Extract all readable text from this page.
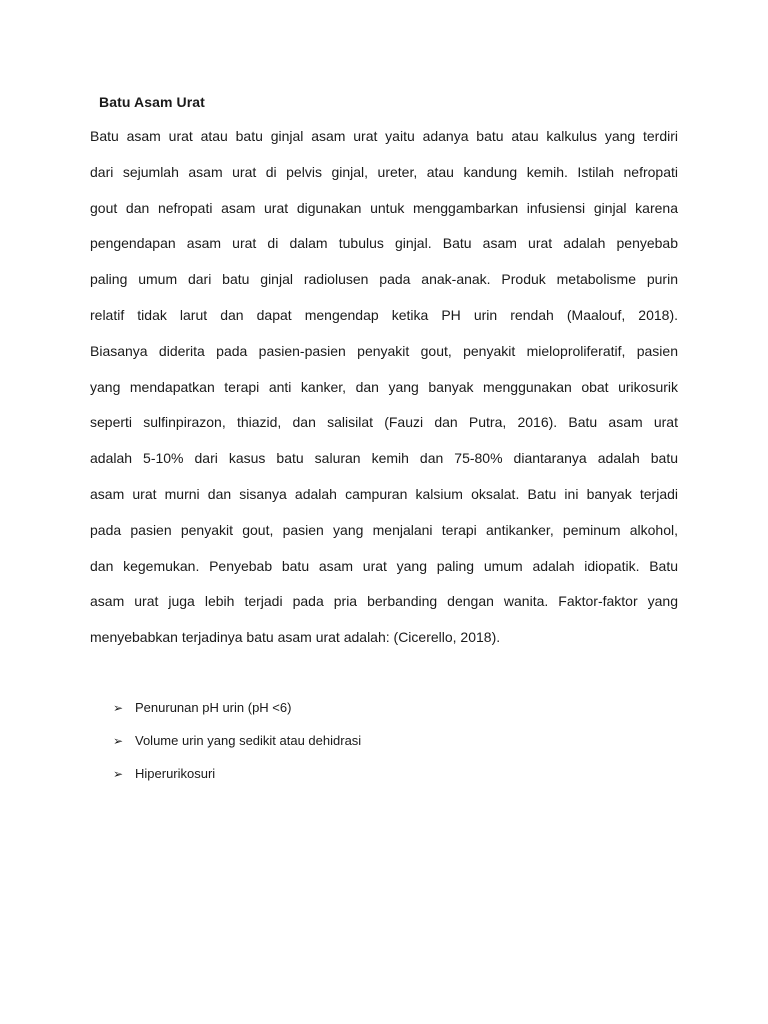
Batu Asam Urat
Batu asam urat atau batu ginjal asam urat yaitu adanya batu atau kalkulus yang terdiri
dari sejumlah asam urat di pelvis ginjal, ureter, atau kandung kemih. Istilah nefropati
gout dan nefropati asam urat digunakan untuk menggambarkan infusiensi ginjal karena
pengendapan asam urat di dalam tubulus ginjal. Batu asam urat adalah penyebab
paling umum dari batu ginjal radiolusen pada anak-anak. Produk metabolisme purin
relatif tidak larut dan dapat mengendap ketika PH urin rendah (Maalouf, 2018).
Biasanya diderita pada pasien-pasien penyakit gout, penyakit mieloproliferatif, pasien
yang mendapatkan terapi anti kanker, dan yang banyak menggunakan obat urikosurik
seperti sulfinpirazon, thiazid, dan salisilat (Fauzi dan Putra, 2016). Batu asam urat
adalah 5-10% dari kasus batu saluran kemih dan 75-80% diantaranya adalah batu
asam urat murni dan sisanya adalah campuran kalsium oksalat. Batu ini banyak terjadi
pada pasien penyakit gout, pasien yang menjalani terapi antikanker, peminum alkohol,
dan kegemukan. Penyebab batu asam urat yang paling umum adalah idiopatik. Batu
asam urat juga lebih terjadi pada pria berbanding dengan wanita. Faktor-faktor yang
menyebabkan terjadinya batu asam urat adalah: (Cicerello, 2018).
➢ Penurunan pH urin (pH <6)
➢ Volume urin yang sedikit atau dehidrasi
➢ Hiperurikosuri
